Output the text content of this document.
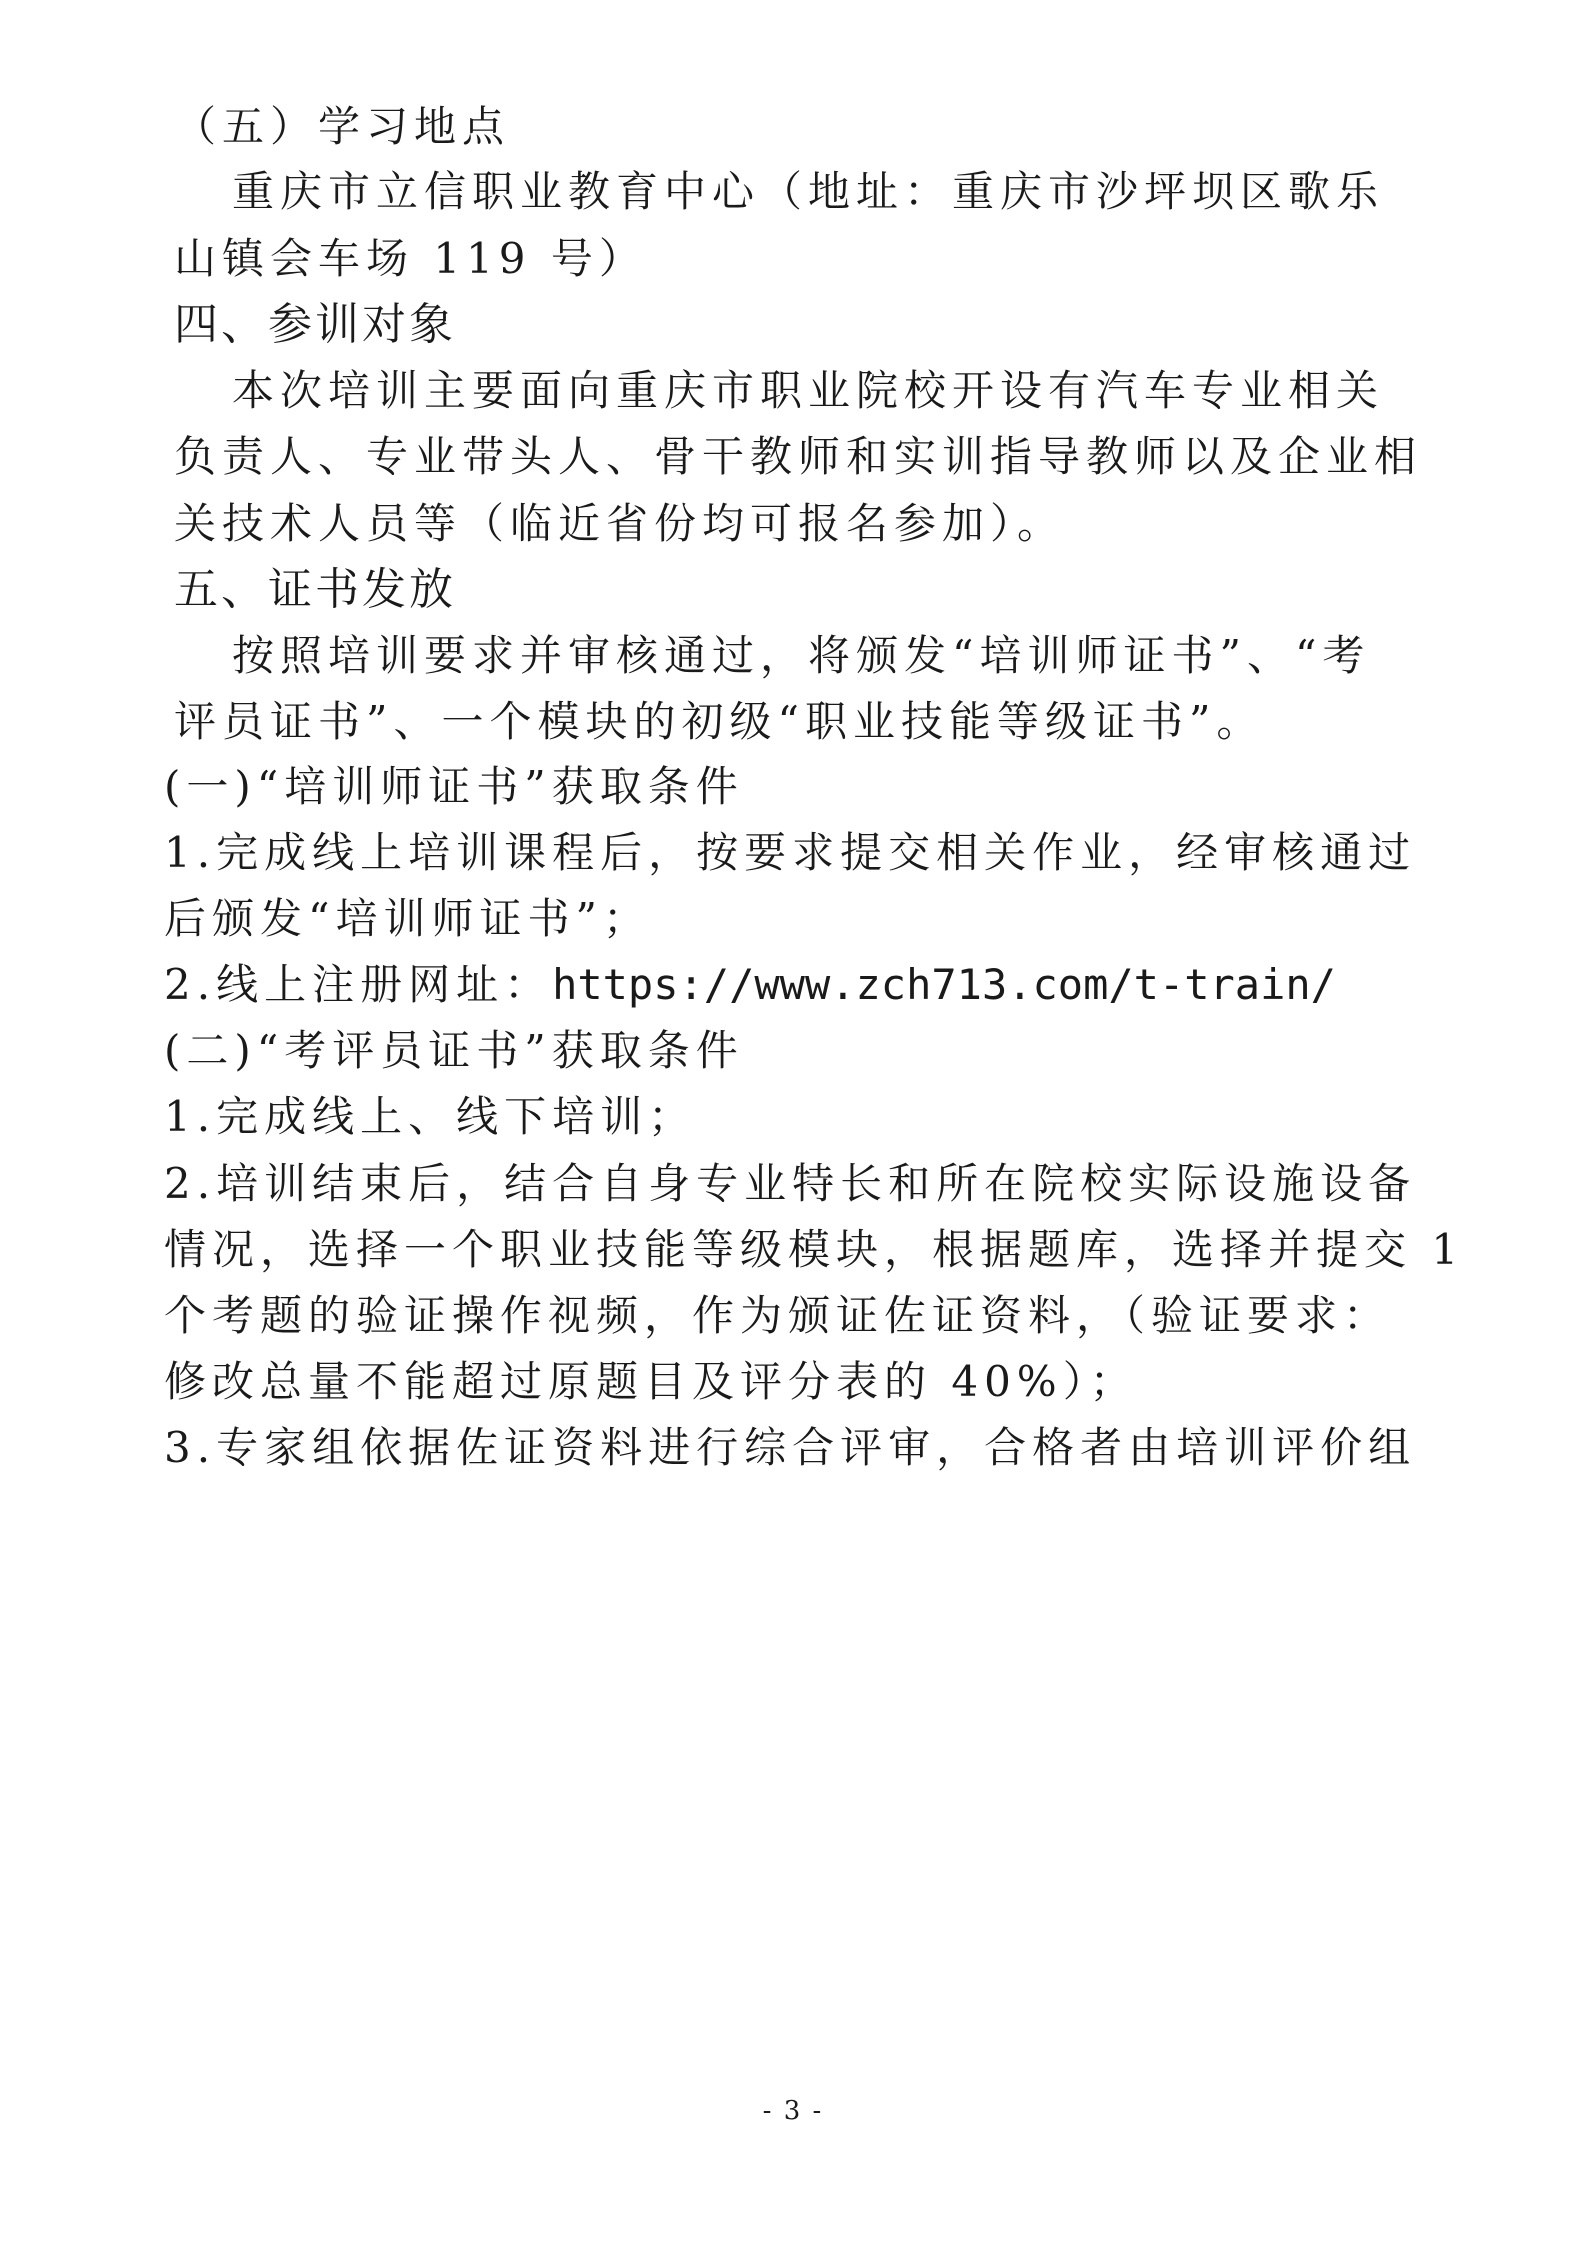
（五）学习地点
重庆市立信职业教育中心（地址：重庆市沙坪坝区歌乐
山镇会车场 119 号）
四、参训对象
本次培训主要面向重庆市职业院校开设有汽车专业相关
负责人、专业带头人、骨干教师和实训指导教师以及企业相
关技术人员等（临近省份均可报名参加）。
五、证书发放
按照培训要求并审核通过，将颁发“培训师证书”、“考
评员证书”、一个模块的初级“职业技能等级证书”。
(一)“培训师证书”获取条件
1.完成线上培训课程后，按要求提交相关作业，经审核通过
后颁发“培训师证书”；
2.线上注册网址：https://www.zch713.com/t-train/
(二)“考评员证书”获取条件
1.完成线上、线下培训；
2.培训结束后，结合自身专业特长和所在院校实际设施设备
情况，选择一个职业技能等级模块，根据题库，选择并提交 1
个考题的验证操作视频，作为颁证佐证资料，（验证要求：
修改总量不能超过原题目及评分表的 40%）；
3.专家组依据佐证资料进行综合评审，合格者由培训评价组
- 3 -
